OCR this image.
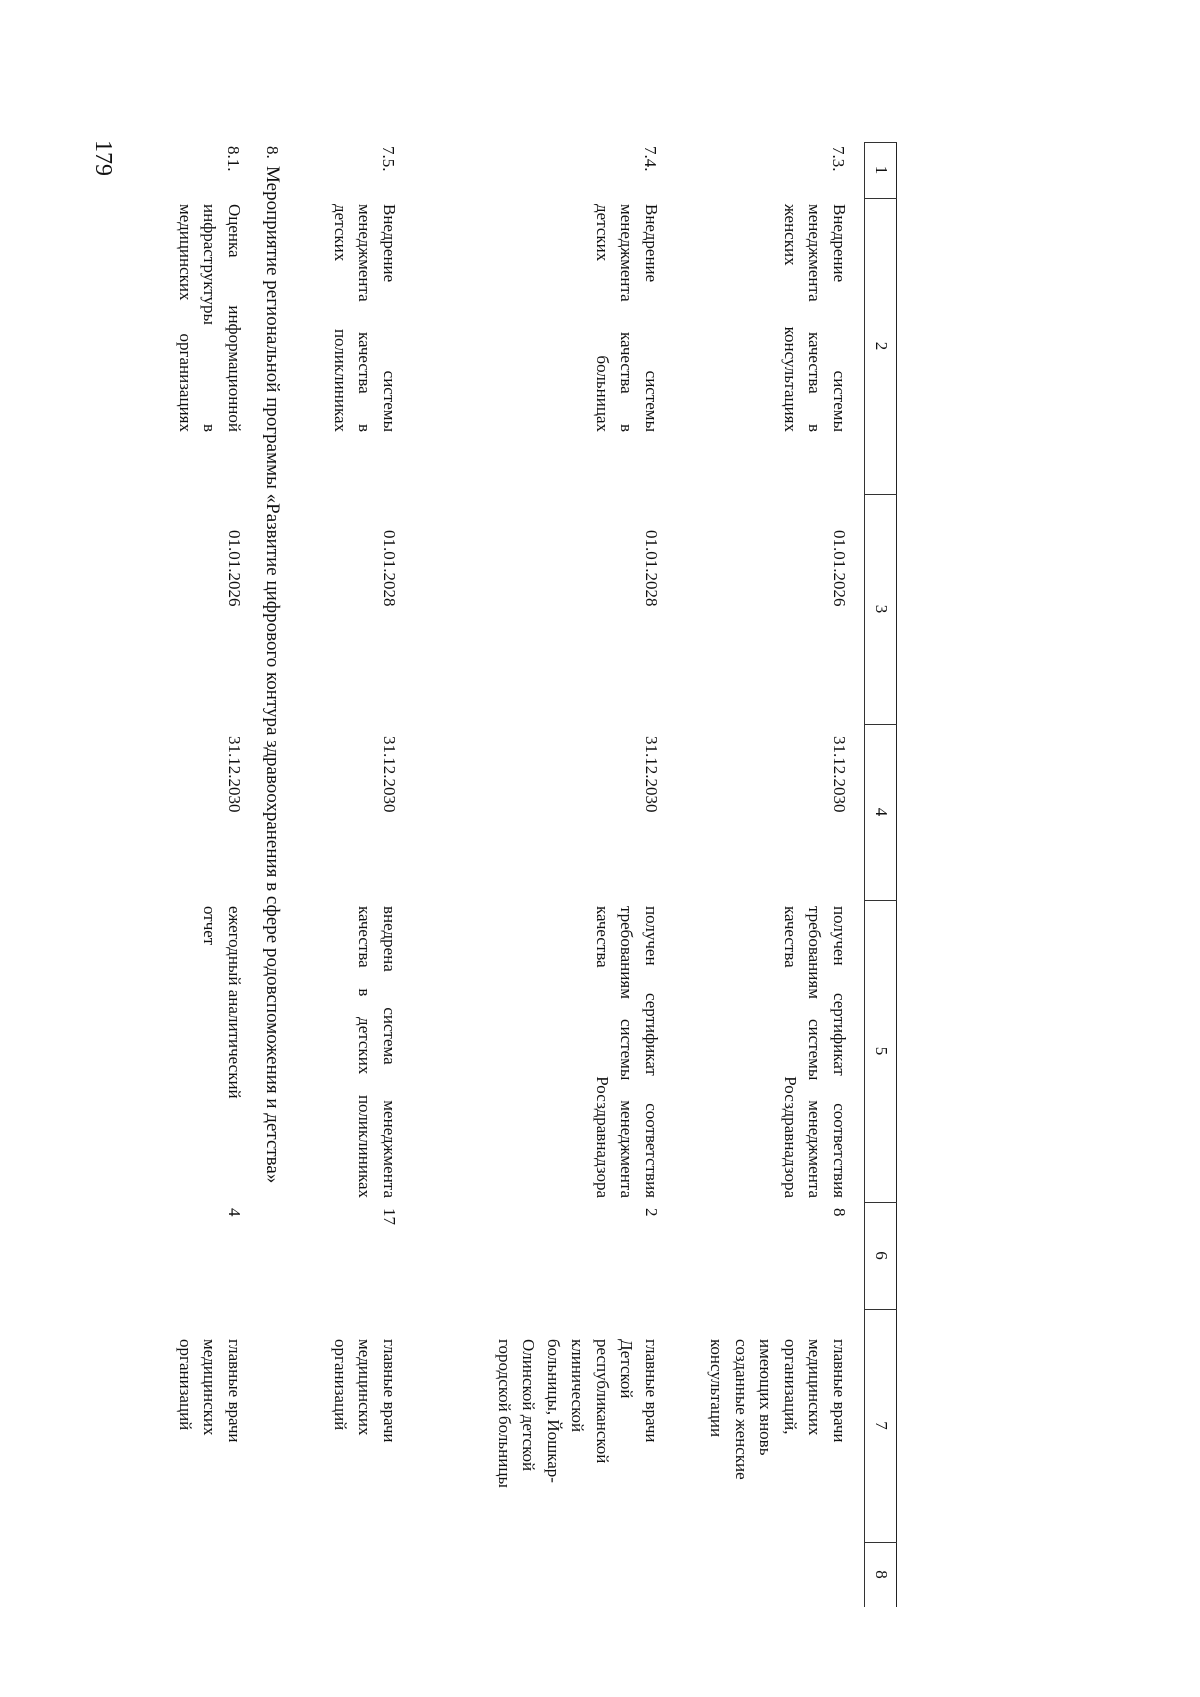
179	1
2
3
4
5
6
7
8
7.3.
Внедрение системы менеджмента качества в женских консультациях
01.01.2026
31.12.2030
получен сертификат соответствия требованиям системы менеджмента качества Росздравнадзора
8
главные врачи медицинских организаций, имеющих вновь созданные женские консультации
7.4.
Внедрение системы менеджмента качества в детских больницах
01.01.2028
31.12.2030
получен сертификат соответствия требованиям системы менеджмента качества Росздравнадзора
2
главные врачи Детской республиканской клинической больницы, Йошкар-Олинской детской городской больницы
7.5.
Внедрение системы менеджмента качества в детских поликлиниках
01.01.2028
31.12.2030
внедрена система менеджмента качества в детских поликлиниках
17
главные врачи медицинских организаций
8.
Мероприятие региональной программы «Развитие цифрового контура здравоохранения в сфере родовспоможения и детства»
8.1.
Оценка информационной инфраструктуры в медицинских организациях
01.01.2026
31.12.2030
ежегодный аналитический отчет
4
главные врачи медицинских организаций
